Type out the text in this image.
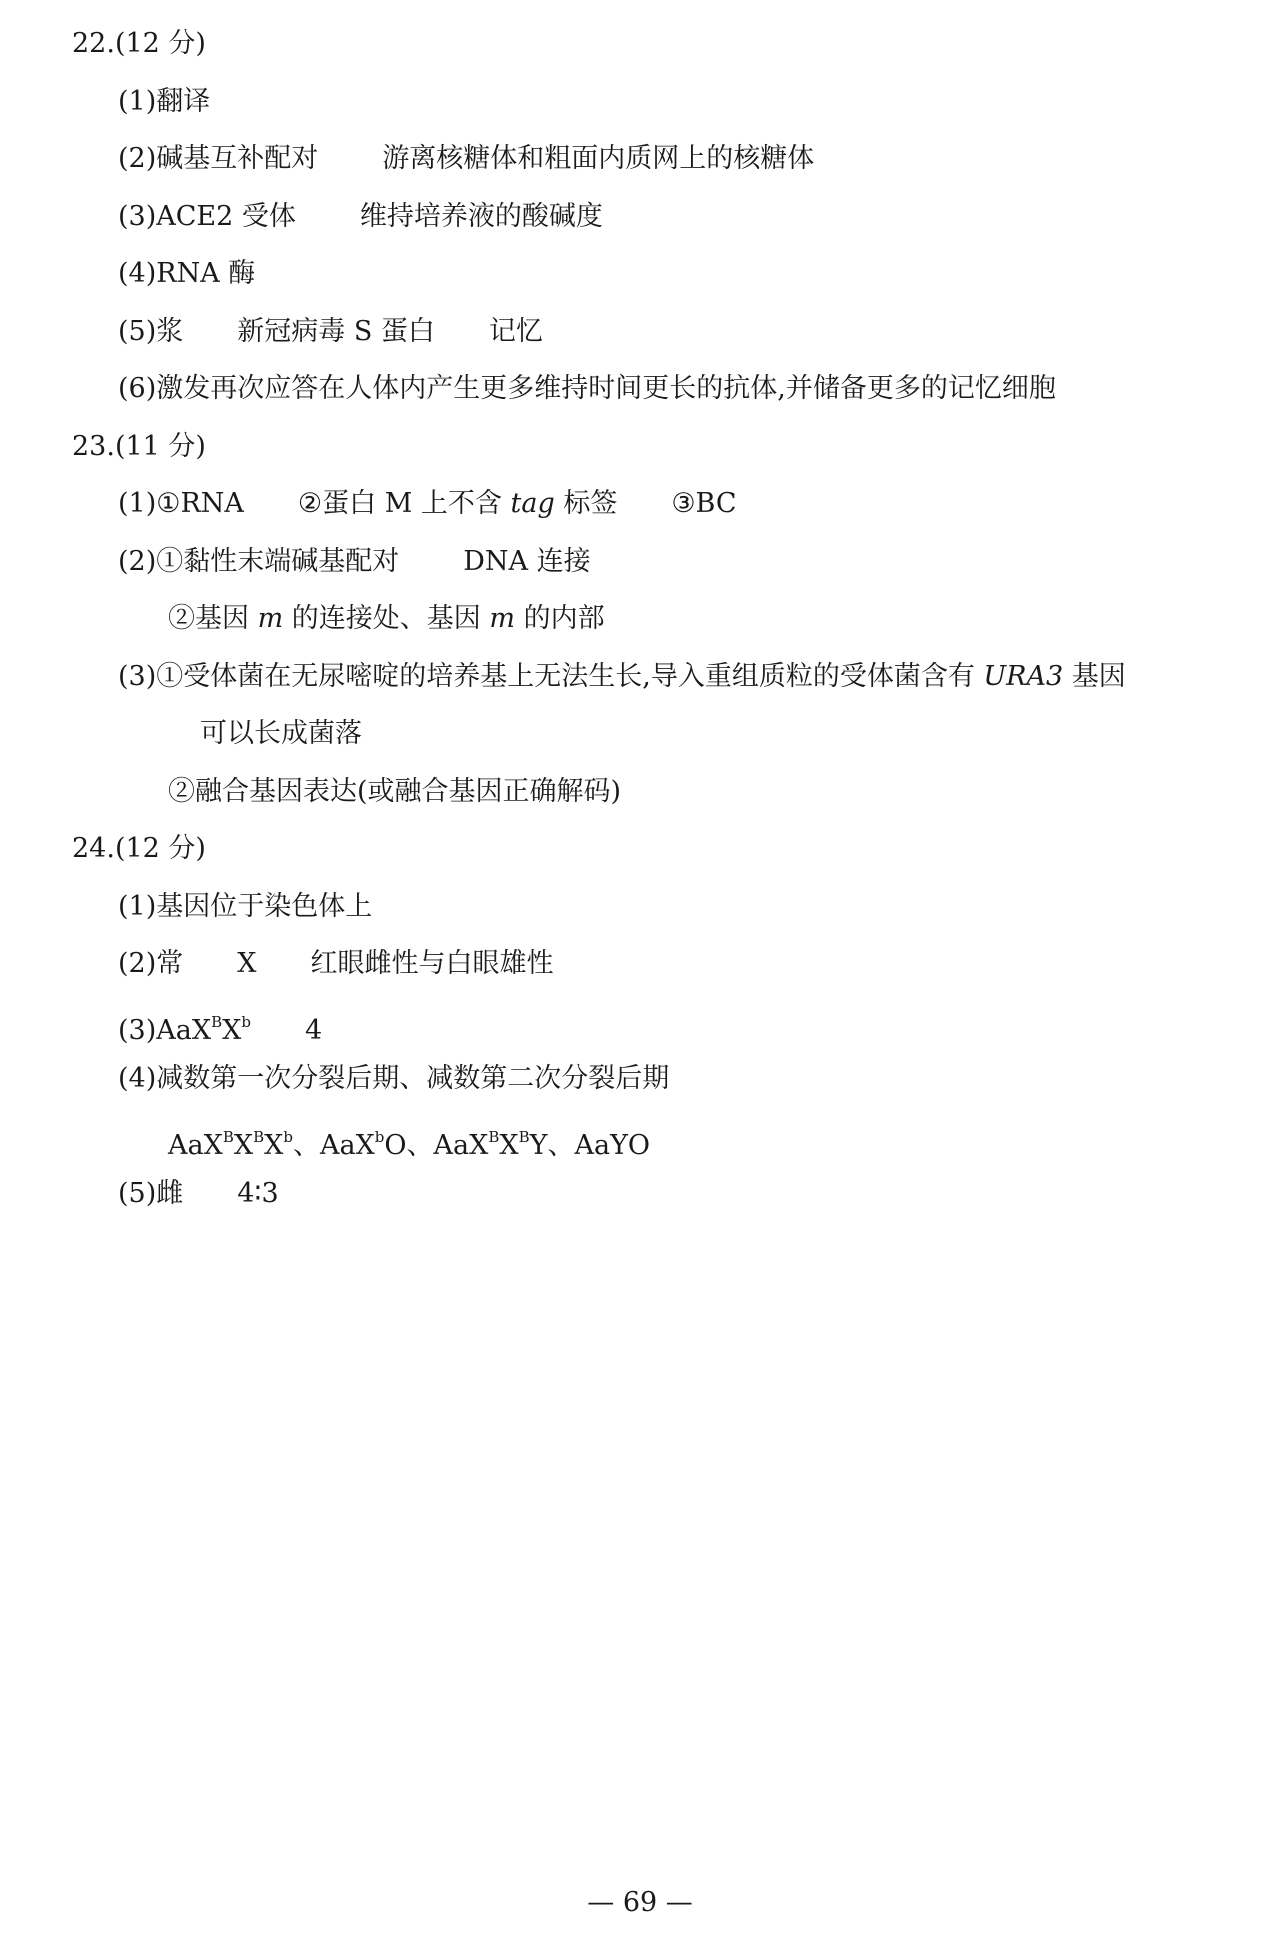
22.(12 分)
(1)翻译
(2)碱基互补配对 游离核糖体和粗面内质网上的核糖体
(3)ACE2 受体 维持培养液的酸碱度
(4)RNA 酶
(5)浆 新冠病毒 S 蛋白 记忆
(6)激发再次应答在人体内产生更多维持时间更长的抗体,并储备更多的记忆细胞
23.(11 分)
(1)①RNA ②蛋白 M 上不含 tag 标签 ③BC
(2)①黏性末端碱基配对 DNA 连接
②基因 m 的连接处、基因 m 的内部
(3)①受体菌在无尿嘧啶的培养基上无法生长,导入重组质粒的受体菌含有 URA3 基因
可以长成菌落
②融合基因表达(或融合基因正确解码)
24.(12 分)
(1)基因位于染色体上
(2)常 X 红眼雌性与白眼雄性
$(3)AaX^BX^b$ 4
(4)减数第一次分裂后期、减数第二次分裂后期
$AaX^BX^BX^b$、AaX$^b$O、$AaX^BX^BY$、AaYO
(5)雌 4∶3
— 69 —
